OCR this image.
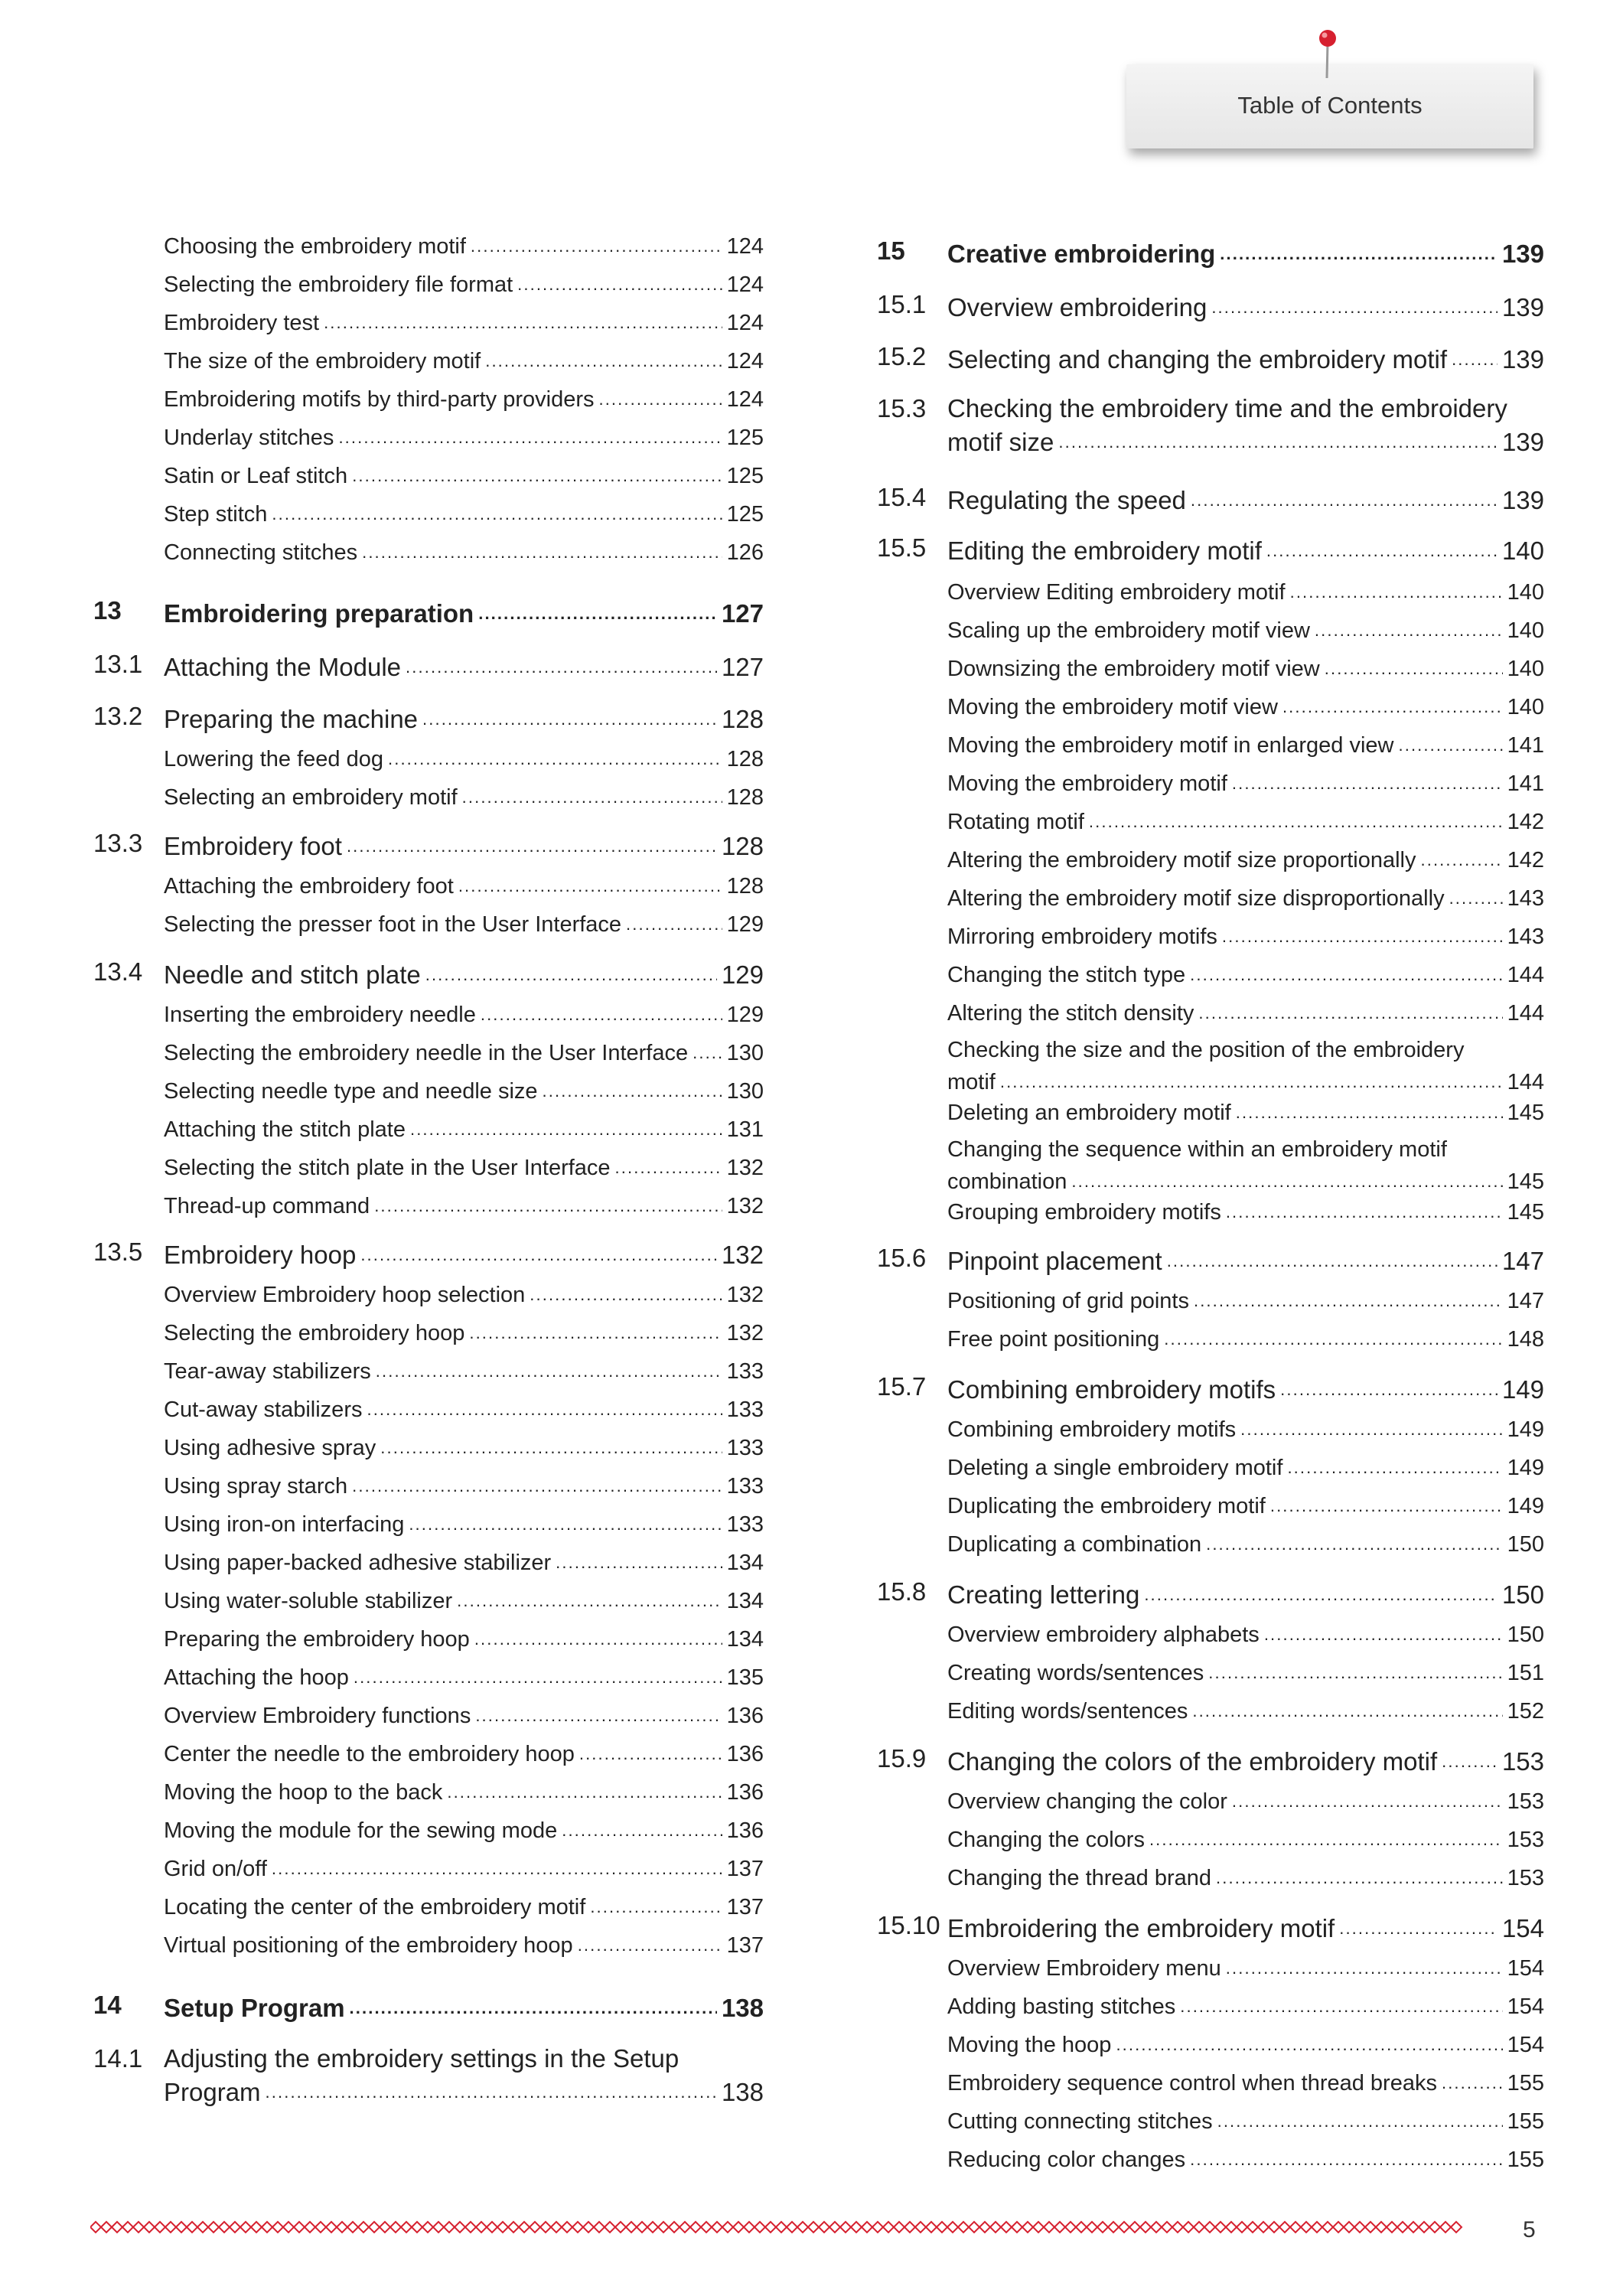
Table of Contents
Choosing the embroidery motif . . .	124
Selecting the embroidery file format . . .	124
Embroidery test . . .	124
The size of the embroidery motif . . .	124
Embroidering motifs by third-party providers . . .	124
Underlay stitches . . .	125
Satin or Leaf stitch . . .	125
Step stitch . . .	125
Connecting stitches . . .	126
13 Embroidering preparation . . .	127
13.1 Attaching the Module . . .	127
13.2 Preparing the machine . . .	128
Lowering the feed dog . . .	128
Selecting an embroidery motif . . .	128
13.3 Embroidery foot . . .	128
Attaching the embroidery foot . . .	128
Selecting the presser foot in the User Interface . . .	129
13.4 Needle and stitch plate . . .	129
Inserting the embroidery needle . . .	129
Selecting the embroidery needle in the User Interface . . . 130
Selecting needle type and needle size . . .	130
Attaching the stitch plate . . .	131
Selecting the stitch plate in the User Interface . . .	132
Thread-up command . . .	132
13.5 Embroidery hoop . . .	132
Overview Embroidery hoop selection . . .	132
Selecting the embroidery hoop . . .	132
Tear-away stabilizers . . .	133
Cut-away stabilizers . . .	133
Using adhesive spray . . .	133
Using spray starch . . .	133
Using iron-on interfacing . . .	133
Using paper-backed adhesive stabilizer . . .	134
Using water-soluble stabilizer . . .	134
Preparing the embroidery hoop . . .	134
Attaching the hoop . . .	135
Overview Embroidery functions . . .	136
Center the needle to the embroidery hoop . . .	136
Moving the hoop to the back . . .	136
Moving the module for the sewing mode . . .	136
Grid on/off . . .	137
Locating the center of the embroidery motif . . .	137
Virtual positioning of the embroidery hoop . . .	137
14 Setup Program . . .	138
14.1 Adjusting the embroidery settings in the Setup
Program . . .	138
15 Creative embroidering . . .	139
15.1 Overview embroidering . . .	139
15.2 Selecting and changing the embroidery motif . . . 139
15.3 Checking the embroidery time and the embroidery
motif size . . .	139
15.4 Regulating the speed . . .	139
15.5 Editing the embroidery motif . . .	140
Overview Editing embroidery motif . . .	140
Scaling up the embroidery motif view . . .	140
Downsizing the embroidery motif view . . .	140
Moving the embroidery motif view . . .	140
Moving the embroidery motif in enlarged view . . .	141
Moving the embroidery motif . . .	141
Rotating motif . . .	142
Altering the embroidery motif size proportionally . . .	142
Altering the embroidery motif size disproportionally . . .	143
Mirroring embroidery motifs . . .	143
Changing the stitch type . . .	144
Altering the stitch density . . .	144
Checking the size and the position of the embroidery
motif . . .	144
Deleting an embroidery motif . . .	145
Changing the sequence within an embroidery motif
combination . . .	145
Grouping embroidery motifs . . .	145
15.6 Pinpoint placement . . .	147
Positioning of grid points . . .	147
Free point positioning . . .	148
15.7 Combining embroidery motifs . . .	149
Combining embroidery motifs . . .	149
Deleting a single embroidery motif . . .	149
Duplicating the embroidery motif . . .	149
Duplicating a combination . . .	150
15.8 Creating lettering . . .	150
Overview embroidery alphabets . . .	150
Creating words/sentences . . .	151
Editing words/sentences . . .	152
15.9 Changing the colors of the embroidery motif . . .	153
Overview changing the color . . .	153
Changing the colors . . .	153
Changing the thread brand . . .	153
15.10 Embroidering the embroidery motif . . .	154
Overview Embroidery menu . . .	154
Adding basting stitches . . .	154
Moving the hoop . . .	154
Embroidery sequence control when thread breaks . . .	155
Cutting connecting stitches . . .	155
Reducing color changes . . .	155
5
